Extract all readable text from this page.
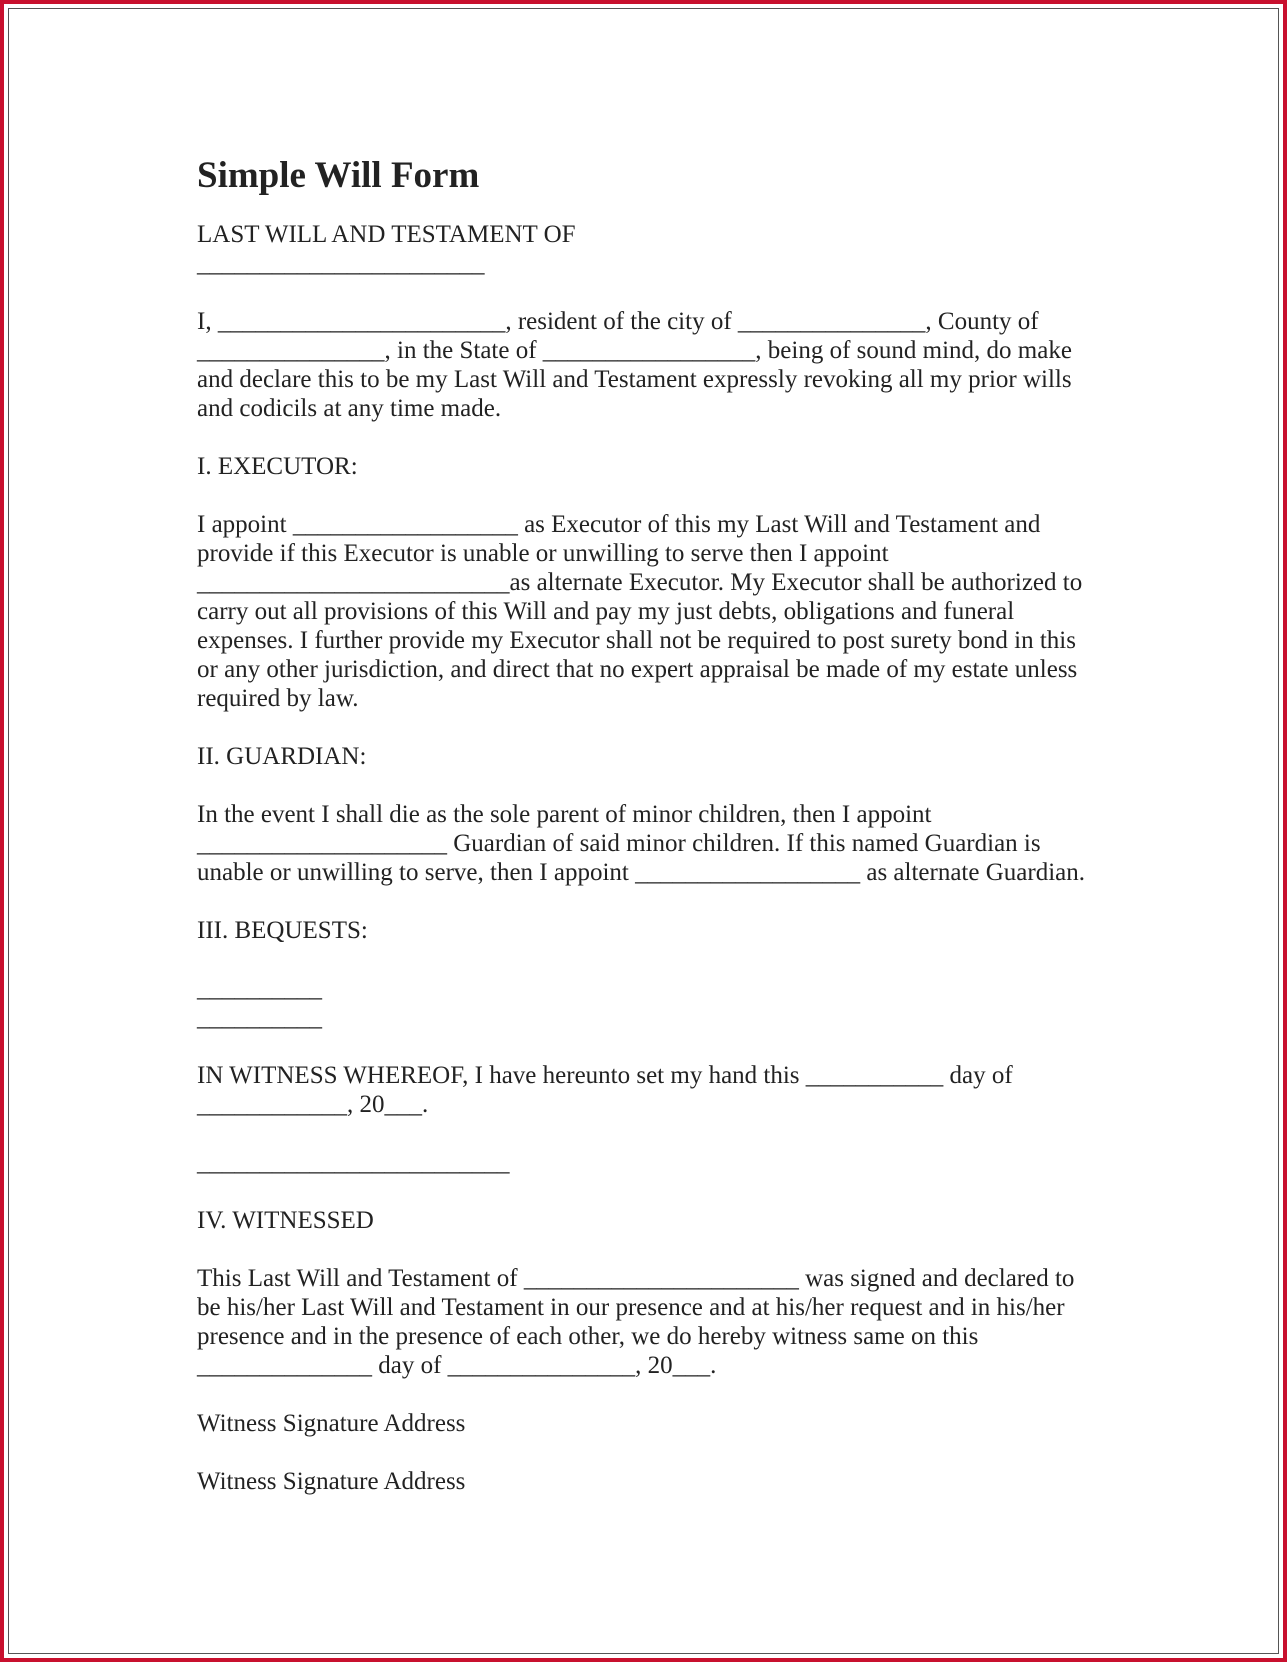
Simple Will Form
LAST WILL AND TESTAMENT OF
_______________________
I, _______________________, resident of the city of _______________, County of
_______________, in the State of _________________, being of sound mind, do make
and declare this to be my Last Will and Testament expressly revoking all my prior wills
and codicils at any time made.
I. EXECUTOR:
I appoint __________________ as Executor of this my Last Will and Testament and
provide if this Executor is unable or unwilling to serve then I appoint
_________________________as alternate Executor. My Executor shall be authorized to
carry out all provisions of this Will and pay my just debts, obligations and funeral
expenses. I further provide my Executor shall not be required to post surety bond in this
or any other jurisdiction, and direct that no expert appraisal be made of my estate unless
required by law.
II. GUARDIAN:
In the event I shall die as the sole parent of minor children, then I appoint
____________________ Guardian of said minor children. If this named Guardian is
unable or unwilling to serve, then I appoint __________________ as alternate Guardian.
III. BEQUESTS:
__________
__________
IN WITNESS WHEREOF, I have hereunto set my hand this ___________ day of
____________, 20___.
_________________________
IV. WITNESSED
This Last Will and Testament of ______________________ was signed and declared to
be his/her Last Will and Testament in our presence and at his/her request and in his/her
presence and in the presence of each other, we do hereby witness same on this
______________ day of _______________, 20___.
Witness Signature Address
Witness Signature Address
